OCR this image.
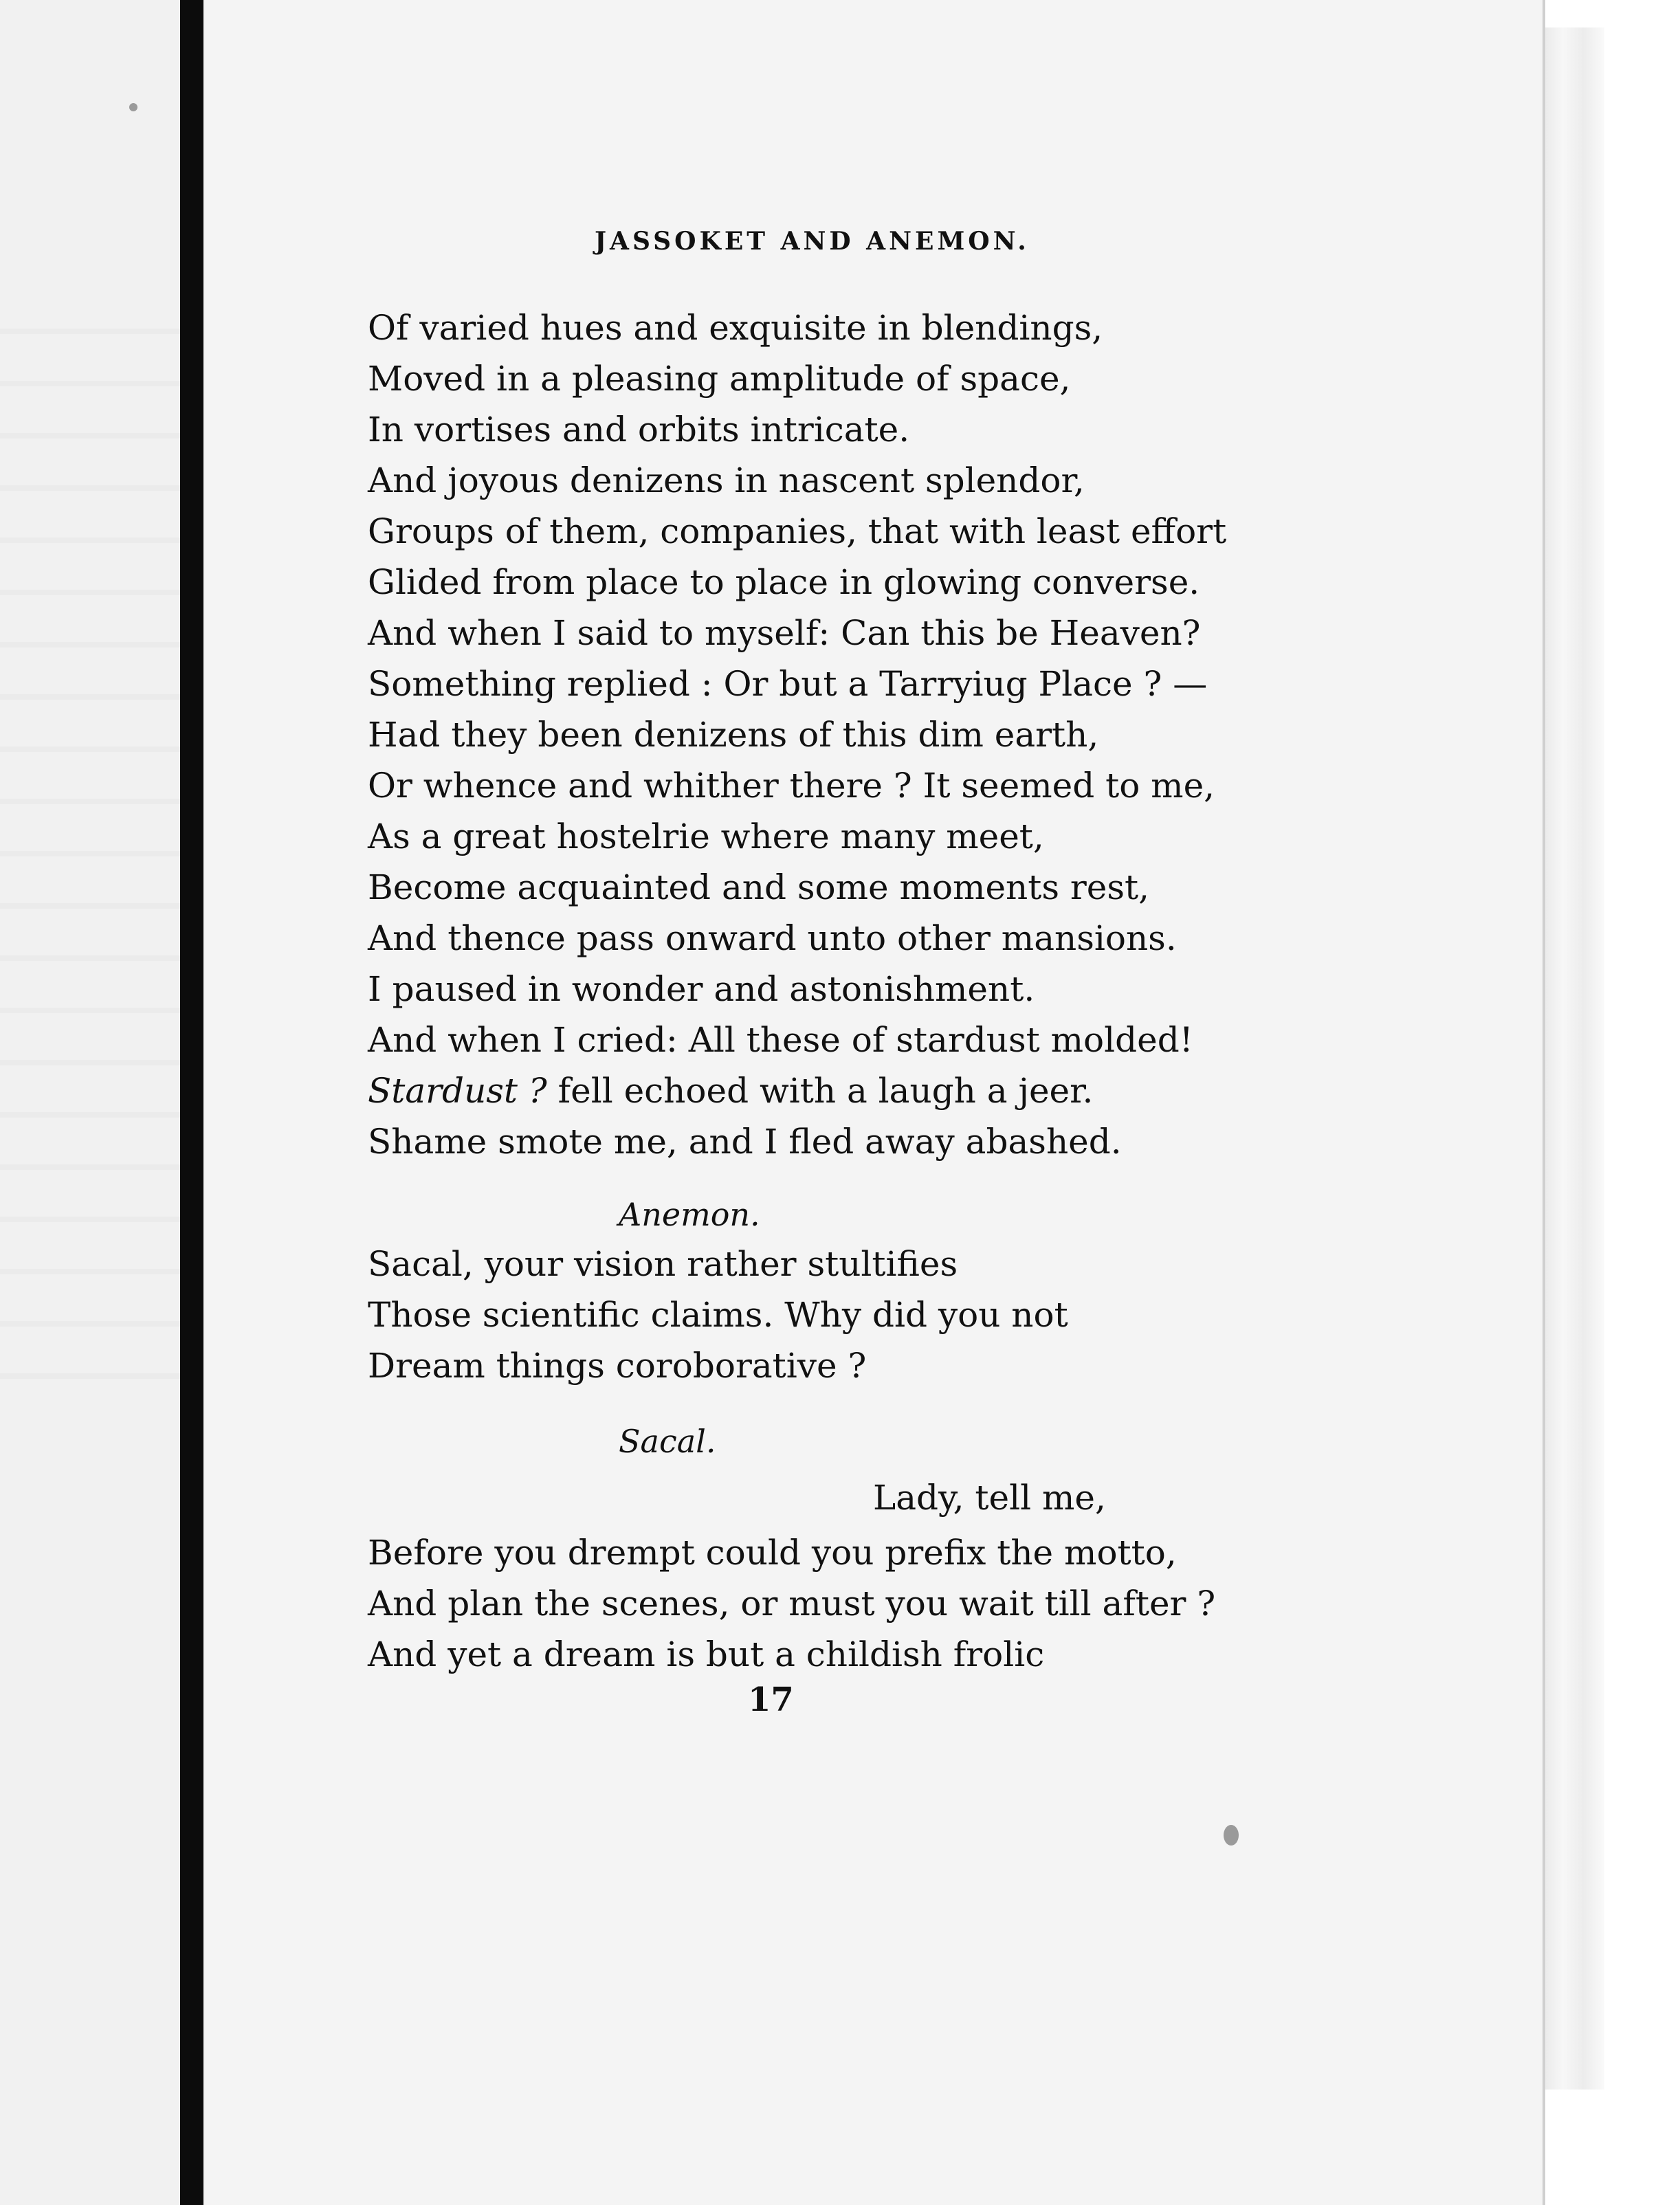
JASSOKET AND ANEMON.
Of varied hues and exquisite in blendings,
Moved in a pleasing amplitude of space,
In vortises and orbits intricate.
And joyous denizens in nascent splendor,
Groups of them, companies, that with least effort
Glided from place to place in glowing converse.
And when I said to myself: Can this be Heaven?
Something replied : Or but a Tarryiug Place ? —
Had they been denizens of this dim earth,
Or whence and whither there ? It seemed to me,
As a great hostelrie where many meet,
Become acquainted and some moments rest,
And thence pass onward unto other mansions.
I paused in wonder and astonishment.
And when I cried: All these of stardust molded!
Stardust ? fell echoed with a laugh a jeer.
Shame smote me, and I fled away abashed.
Anemon.
Sacal, your vision rather stultifies
Those scientific claims. Why did you not
Dream things coroborative ?
Sacal.
Lady, tell me,
Before you drempt could you prefix the motto,
And plan the scenes, or must you wait till after ?
And yet a dream is but a childish frolic
17
